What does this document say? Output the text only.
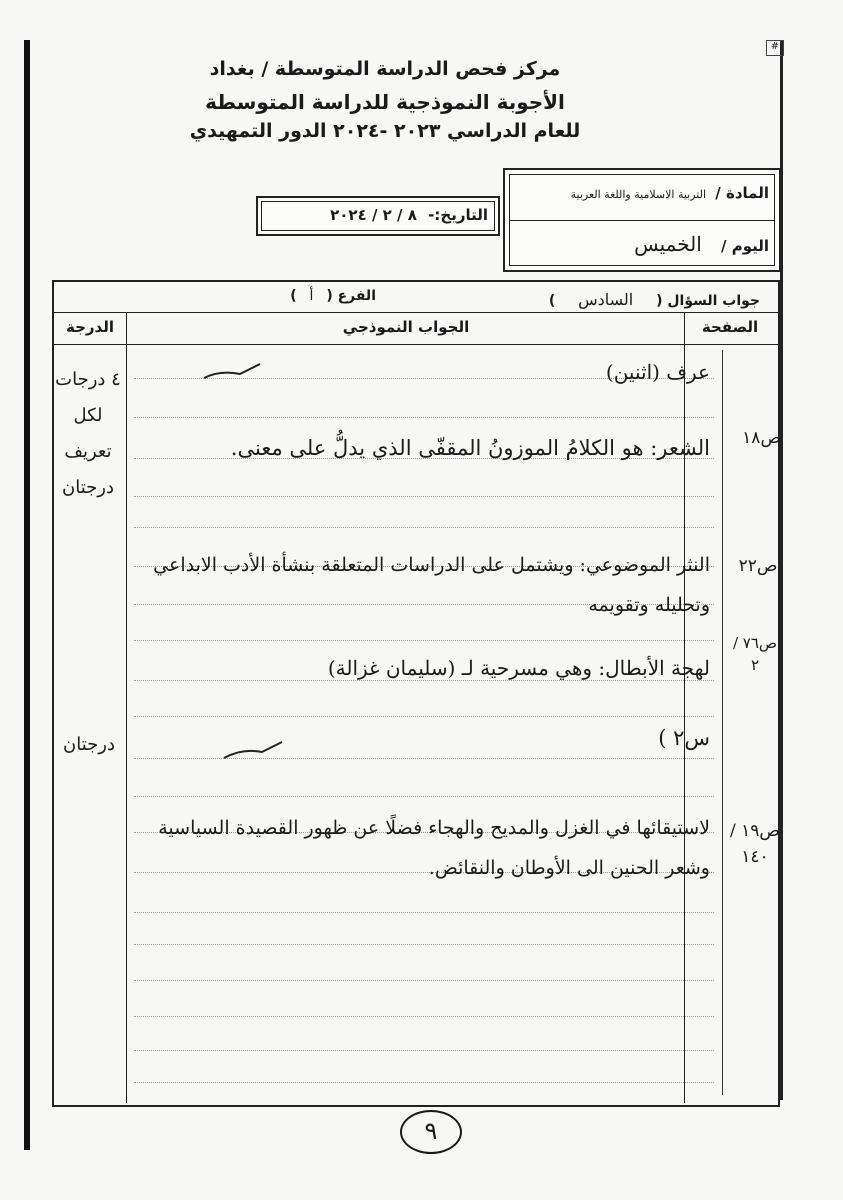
#
مركز فحص الدراسة المتوسطة / بغداد
الأجوبة النموذجية للدراسة المتوسطة
للعام الدراسي ٢٠٢٣ -٢٠٢٤ الدور التمهيدي
المادة / التربية الاسلامية واللغة العربية
اليوم / الخميس
التاريخ:- ٨ / ٢ / ٢٠٢٤
جواب السؤال ( السادس )
الفرع ( أ )
الصفحة
الجواب النموذجي
الدرجة
عرف (اثنين)
ص١٨
الشعر: هو الكلامُ الموزونُ المقفّى الذي يدلُّ على معنى.
ص٢٢
النثر الموضوعي: ويشتمل على الدراسات المتعلقة بنشأة الأدب الابداعي وتحليله وتقويمه
ص٧٦ /٢
لهجة الأبطال: وهي مسرحية لـ (سليمان غزالة)
س٢ )
ص١٩ / ١٤٠
لاستيقائها في الغزل والمديح والهجاء فضلًا عن ظهور القصيدة السياسية وشعر الحنين الى الأوطان والنقائض.
٤ درجات لكل تعريف درجتان
درجتان
٩
